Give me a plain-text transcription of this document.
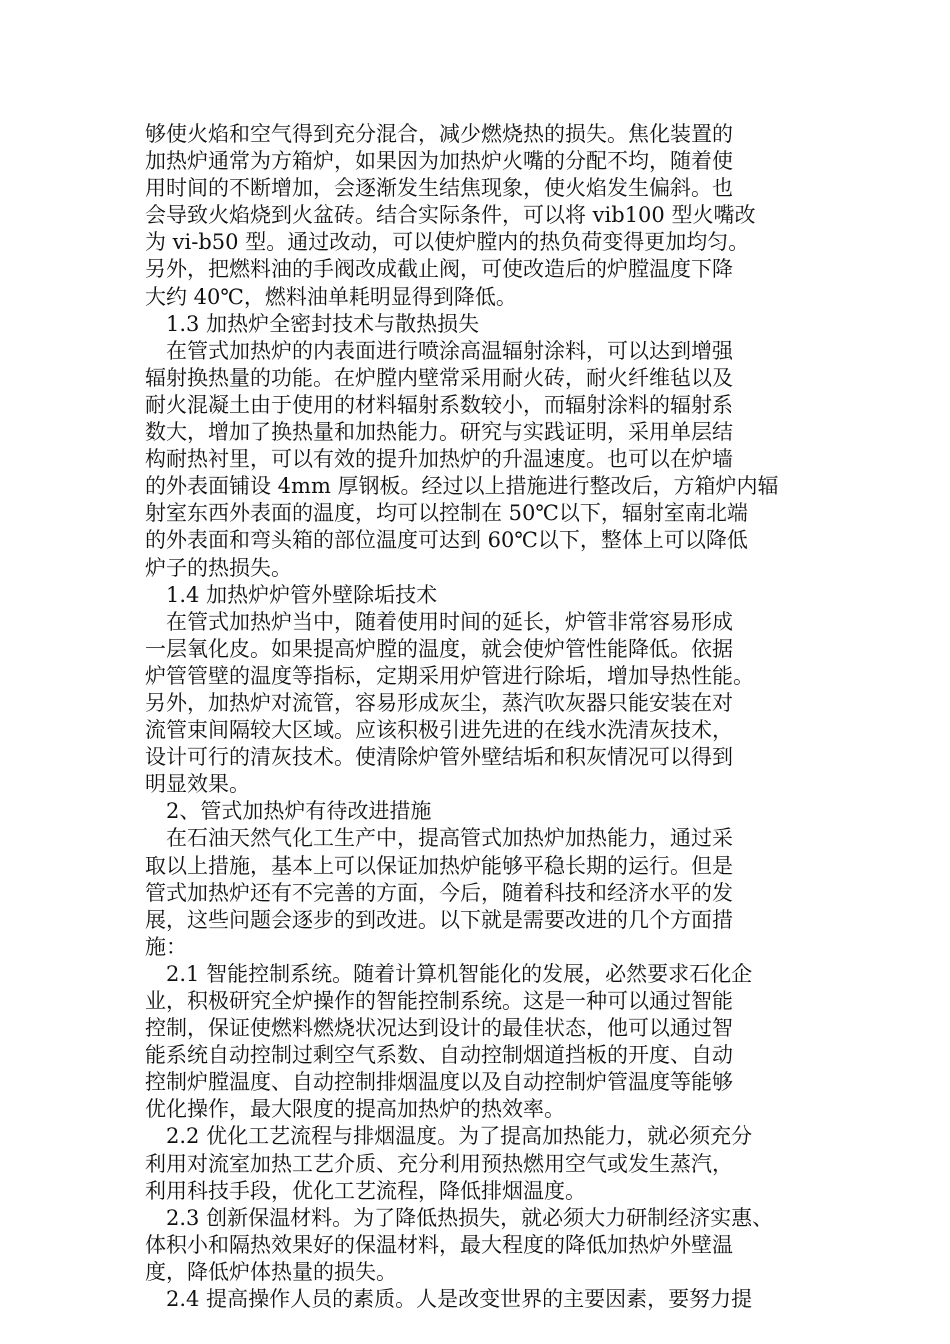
够使火焰和空气得到充分混合，减少燃烧热的损失。焦化装置的
加热炉通常为方箱炉，如果因为加热炉火嘴的分配不均，随着使
用时间的不断增加，会逐渐发生结焦现象，使火焰发生偏斜。也
会导致火焰烧到火盆砖。结合实际条件，可以将 vib100 型火嘴改
为 vi-b50 型。通过改动，可以使炉膛内的热负荷变得更加均匀。
另外，把燃料油的手阀改成截止阀，可使改造后的炉膛温度下降
大约 40℃，燃料油单耗明显得到降低。
　1.3 加热炉全密封技术与散热损失
　在管式加热炉的内表面进行喷涂高温辐射涂料，可以达到增强
辐射换热量的功能。在炉膛内壁常采用耐火砖，耐火纤维毡以及
耐火混凝土由于使用的材料辐射系数较小，而辐射涂料的辐射系
数大，增加了换热量和加热能力。研究与实践证明，采用单层结
构耐热衬里，可以有效的提升加热炉的升温速度。也可以在炉墙
的外表面铺设 4mm 厚钢板。经过以上措施进行整改后，方箱炉内辐
射室东西外表面的温度，均可以控制在 50℃以下，辐射室南北端
的外表面和弯头箱的部位温度可达到 60℃以下，整体上可以降低
炉子的热损失。
　1.4 加热炉炉管外壁除垢技术
　在管式加热炉当中，随着使用时间的延长，炉管非常容易形成
一层氧化皮。如果提高炉膛的温度，就会使炉管性能降低。依据
炉管管壁的温度等指标，定期采用炉管进行除垢，增加导热性能。
另外，加热炉对流管，容易形成灰尘，蒸汽吹灰器只能安装在对
流管束间隔较大区域。应该积极引进先进的在线水洗清灰技术，
设计可行的清灰技术。使清除炉管外壁结垢和积灰情况可以得到
明显效果。
　2、管式加热炉有待改进措施
　在石油天然气化工生产中，提高管式加热炉加热能力，通过采
取以上措施，基本上可以保证加热炉能够平稳长期的运行。但是
管式加热炉还有不完善的方面，今后，随着科技和经济水平的发
展，这些问题会逐步的到改进。以下就是需要改进的几个方面措
施：
　2.1 智能控制系统。随着计算机智能化的发展，必然要求石化企
业，积极研究全炉操作的智能控制系统。这是一种可以通过智能
控制，保证使燃料燃烧状况达到设计的最佳状态，他可以通过智
能系统自动控制过剩空气系数、自动控制烟道挡板的开度、自动
控制炉膛温度、自动控制排烟温度以及自动控制炉管温度等能够
优化操作，最大限度的提高加热炉的热效率。
　2.2 优化工艺流程与排烟温度。为了提高加热能力，就必须充分
利用对流室加热工艺介质、充分利用预热燃用空气或发生蒸汽，
利用科技手段，优化工艺流程，降低排烟温度。
　2.3 创新保温材料。为了降低热损失，就必须大力研制经济实惠、
体积小和隔热效果好的保温材料，最大程度的降低加热炉外壁温
度，降低炉体热量的损失。
　2.4 提高操作人员的素质。人是改变世界的主要因素，要努力提
